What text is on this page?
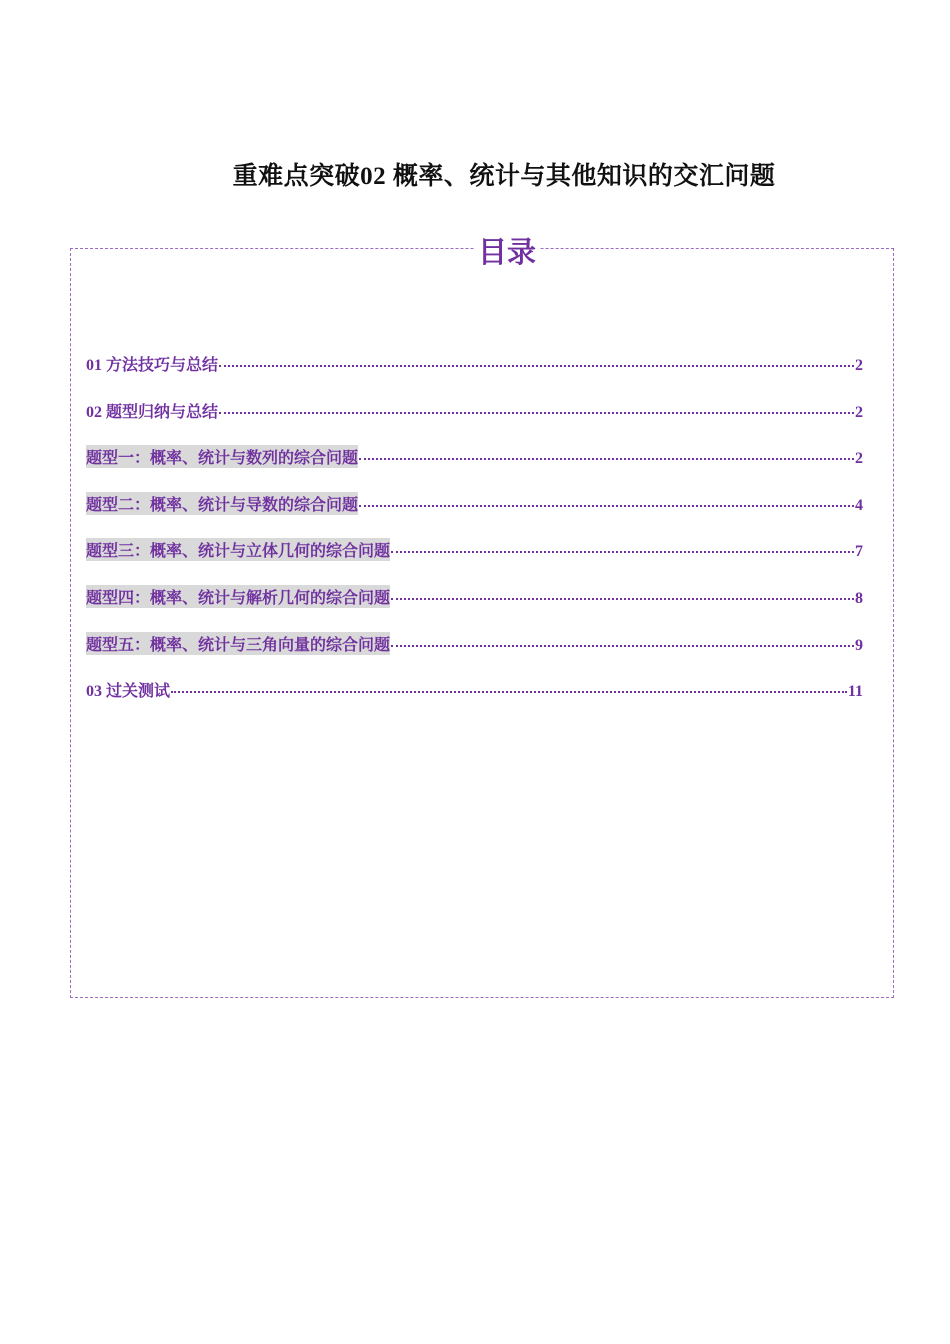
重难点突破02 概率、统计与其他知识的交汇问题
目录
01 方法技巧与总结	2
02 题型归纳与总结	2
题型一：概率、统计与数列的综合问题	2
题型二：概率、统计与导数的综合问题	4
题型三：概率、统计与立体几何的综合问题	7
题型四：概率、统计与解析几何的综合问题	8
题型五：概率、统计与三角向量的综合问题	9
03 过关测试	11
